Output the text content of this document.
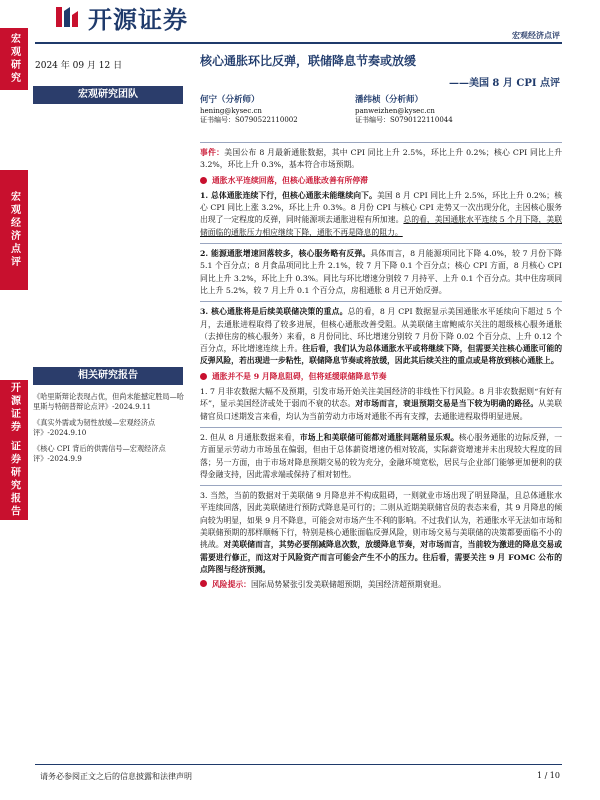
开源证券
宏观经济点评
宏观研究
宏观经济点评
开源证券 证券研究报告
2024 年 09 月 12 日
宏观研究团队
相关研究报告
《哈里斯辩论表现占优，但尚未能撼定胜局—哈里斯与特朗普辩论点评》-2024.9.11
《真实外需或为韧性放缓—宏观经济点评》-2024.9.10
《核心 CPI 背后的供需信号—宏观经济点评》-2024.9.9
核心通胀环比反弹，联储降息节奏或放缓
——美国 8 月 CPI 点评
何宁（分析师）
hening@kysec.cn
证书编号：S0790522110002
潘纬桢（分析师）
panweizhen@kysec.cn
证书编号：S0790122110044

事件：美国公布 8 月最新通胀数据，其中 CPI 同比上升 2.5%，环比上升 0.2%；核心 CPI 同比上升 3.2%，环比上升 0.3%，基本符合市场预期。

通胀水平连续回落，但核心通胀改善有所停滞

1. 总体通胀连续下行，但核心通胀未能继续向下。美国 8 月 CPI 同比上升 2.5%，环比上升 0.2%；核心 CPI 同比上涨 3.2%，环比上升 0.3%。8 月份 CPI 与核心 CPI 走势又一次出现分化，主因核心服务出现了一定程度的反弹，同时能源项去通胀进程有所加速。总的看，美国通胀水平连续 5 个月下降，美联储面临的通胀压力相应继续下降，通胀不再是降息的阻力。

2. 能源通胀增速回落较多，核心服务略有反弹。具体而言，8 月能源项同比下降 4.0%，较 7 月份下降 5.1 个百分点；8 月食品项同比上升 2.1%，较 7 月下降 0.1 个百分点；核心 CPI 方面，8 月核心 CPI 同比上升 3.2%，环比上升 0.3%。同比与环比增速分别较 7 月持平、上升 0.1 个百分点。其中住房项同比上升 5.2%，较 7 月上升 0.1 个百分点，房租通胀 8 月已开始反弹。

3. 核心通胀将是后续美联储决策的重点。总的看，8 月 CPI 数据显示美国通胀水平延续向下超过 5 个月，去通胀进程取得了较多进展，但核心通胀改善受阻。从美联储主席鲍威尔关注的超级核心服务通胀（去掉住房的核心服务）来看，8 月份同比、环比增速分别较 7 月份下降 0.02 个百分点、上升 0.12 个百分点，环比增速连续上升。往后看，我们认为总体通胀水平或将继续下降，但需要关注核心通胀可能的反弹风险，若出现进一步粘性，联储降息节奏或将放缓，因此其后续关注的重点或是将放到核心通胀上。

通胀并不是 9 月降息阻碍，但将延缓联储降息节奏

1. 7 月非农数据大幅不及预期，引发市场开始关注美国经济的非线性下行风险。8 月非农数据则“有好有坏”，显示美国经济或处于弱而不衰的状态。对市场而言，衰退预期交易是当下较为明确的路径。从美联储官员口述期发言来看，均认为当前劳动力市场对通胀不再有支撑，去通胀进程取得明显进展。

2. 但从 8 月通胀数据来看，市场上和美联储可能都对通胀问题稍显乐观。核心服务通胀的边际反弹，一方面显示劳动力市场虽在偏弱，但由于总体薪资增速仍相对较高，实际薪资增速并未出现较大程度的回落；另一方面，由于市场对降息预期交易的较为充分，金融环境宽松，居民与企业部门能够更加便利的获得金融支持，因此需求端或保持了相对韧性。

3. 当然，当前的数据对于美联储 9 月降息并不构成阻碍，一则就业市场出现了明显降温，且总体通胀水平连续回落，因此美联储进行预防式降息是可行的；二则从近期美联储官员的表态来看，其 9 月降息的倾向较为明显，如果 9 月不降息，可能会对市场产生不利的影响。不过我们认为，若通胀水平无法如市场和美联储预期的那样顺畅下行，特别是核心通胀面临反弹风险，则市场交易与美联储的决策都要面临不小的挑战。对美联储而言，其势必要削减降息次数，放缓降息节奏，对市场而言，当前较为激进的降息交易或需要进行修正，而这对于风险资产而言可能会产生不小的压力。往后看，需要关注 9 月 FOMC 公布的点阵图与经济预测。

风险提示：国际局势紧张引发美联储超预期，美国经济超预期衰退。

请务必参阅正文之后的信息披露和法律声明	1 / 10
